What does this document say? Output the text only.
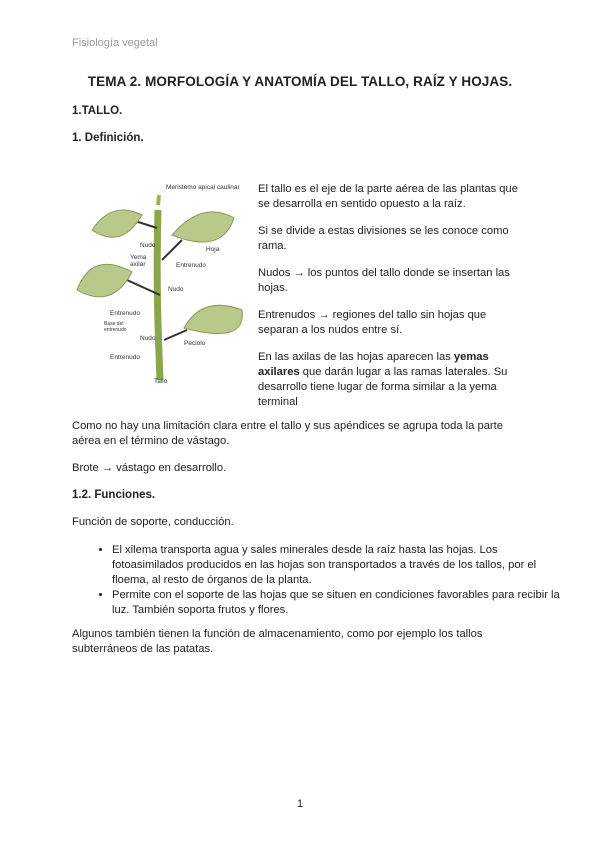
Fisiología vegetal
TEMA 2. MORFOLOGÍA Y ANATOMÍA DEL TALLO, RAÍZ Y HOJAS.
1.TALLO.
1. Definición.
Meristemo apical caulinar
Hoja
Nudo
Yema axilar	Entrenudo
Nudo
Entrenudo
Base del entrenudo
Nudo
Peciolo
Entrenudo
Tallo

El tallo es el eje de la parte aérea de las plantas que se desarrolla en sentido opuesto a la raíz.

Si se divide a estas divisiones se les conoce como rama.

Nudos → los puntos del tallo donde se insertan las hojas.

Entrenudos → regiones del tallo sin hojas que separan a los nudos entre sí.

En las axilas de las hojas aparecen las yemas axilares que darán lugar a las ramas laterales. Su desarrollo tiene lugar de forma similar a la yema terminal

Como no hay una limitación clara entre el tallo y sus apéndices se agrupa toda la parte aérea en el término de vástago.

Brote → vástago en desarrollo.

1.2. Funciones.

Función de soporte, conducción.

• El xilema transporta agua y sales minerales desde la raíz hasta las hojas. Los fotoasimilados producidos en las hojas son transportados a través de los tallos, por el floema, al resto de órganos de la planta.
• Permite con el soporte de las hojas que se situen en condiciones favorables para recibir la luz. También soporta frutos y flores.

Algunos también tienen la función de almacenamiento, como por ejemplo los tallos subterráneos de las patatas.

1
